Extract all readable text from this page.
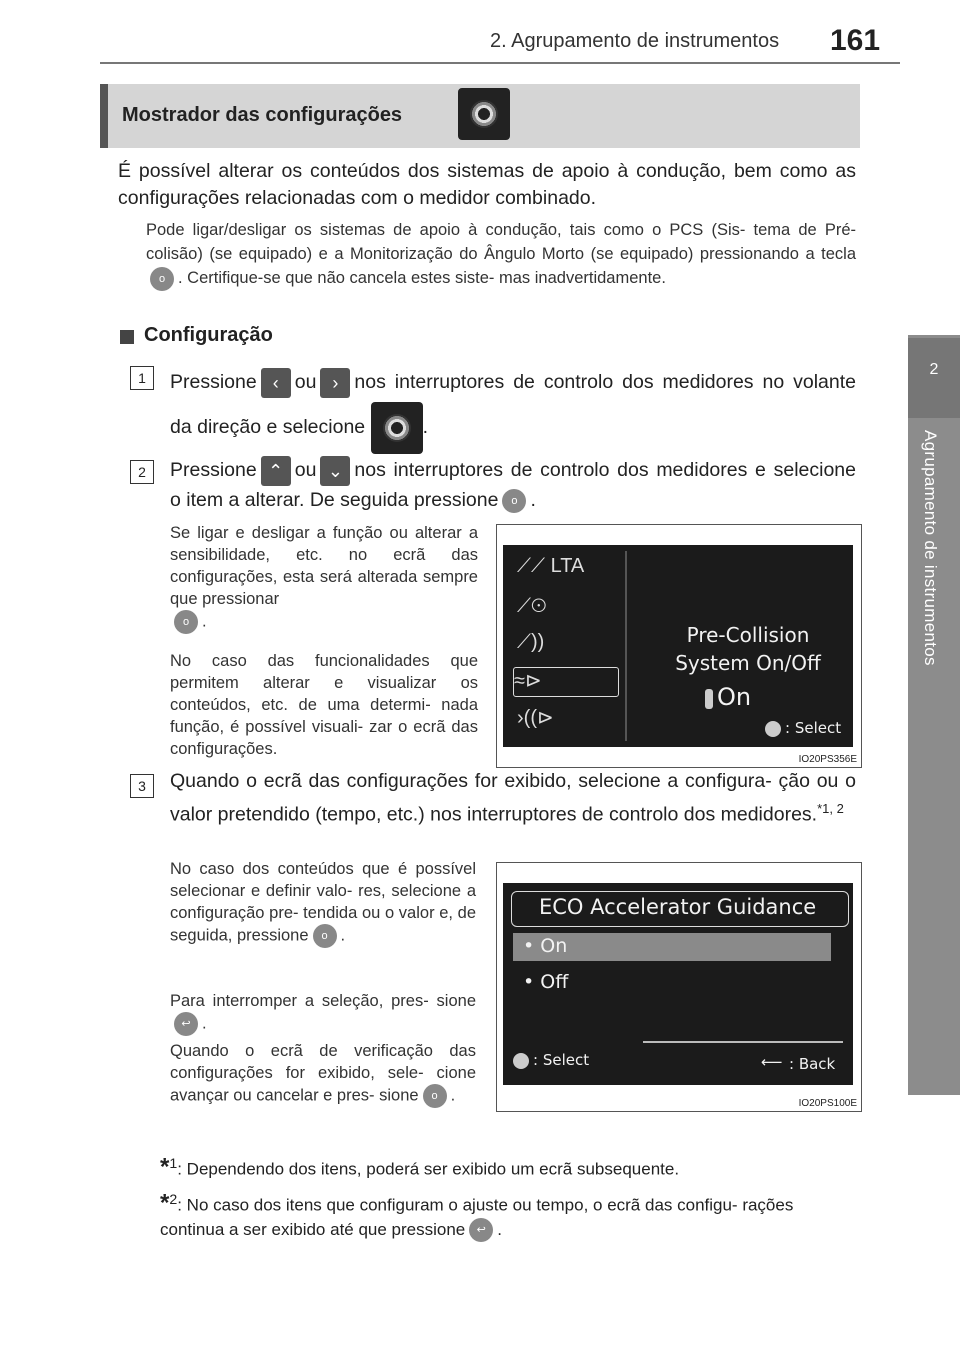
2. Agrupamento de instrumentos 161
2
Agrupamento de instrumentos
Mostrador das configurações
É possível alterar os conteúdos dos sistemas de apoio à condução, bem como as configurações relacionadas com o medidor combinado.
Pode ligar/desligar os sistemas de apoio à condução, tais como o PCS (Sis- tema de Pré-colisão) (se equipado) e a Monitorização do Ângulo Morto (se equipado) pressionando a teclao . Certifique-se que não cancela estes siste- mas inadvertidamente.
Configuração
1	Pressione ‹ ou › nos interruptores de controlo dos medidores no volante da direção e selecione	.
2	Pressione ⌃ ou ⌄ nos interruptores de controlo dos medidores e selecione o item a alterar. De seguida pressione o .
Se ligar e desligar a função ou alterar a sensibilidade, etc. no ecrã das configurações, esta será alterada sempre que pressionar
o .
No caso das funcionalidades que permitem alterar e visualizar os conteúdos, etc. de uma determi- nada função, é possível visuali- zar o ecrã das configurações.
⟋⟋ LTA
⟋⊙
⟋))
≈⊳
›((⊳
Pre-Collision
System On/Off
On
: Select
IO20PS356E
3	Quando o ecrã das configurações for exibido, selecione a configura- ção ou o valor pretendido (tempo, etc.) nos interruptores de controlo dos medidores.$^{*1, 2}$
No caso dos conteúdos que é possível selecionar e definir valo- res, selecione a configuração pre- tendida ou o valor e, de seguida, pressione o .
Para interromper a seleção, pres- sione↩ .
Quando o ecrã de verificação das configurações for exibido, sele- cione avançar ou cancelar e pres- sione o .
ECO Accelerator Guidance
• On
• Off
: Select	⟵ : Back
IO20PS100E
*$^1$: Dependendo dos itens, poderá ser exibido um ecrã subsequente.
*$^2$: No caso dos itens que configuram o ajuste ou tempo, o ecrã das configu- rações continua a ser exibido até que pressione ↩ .
